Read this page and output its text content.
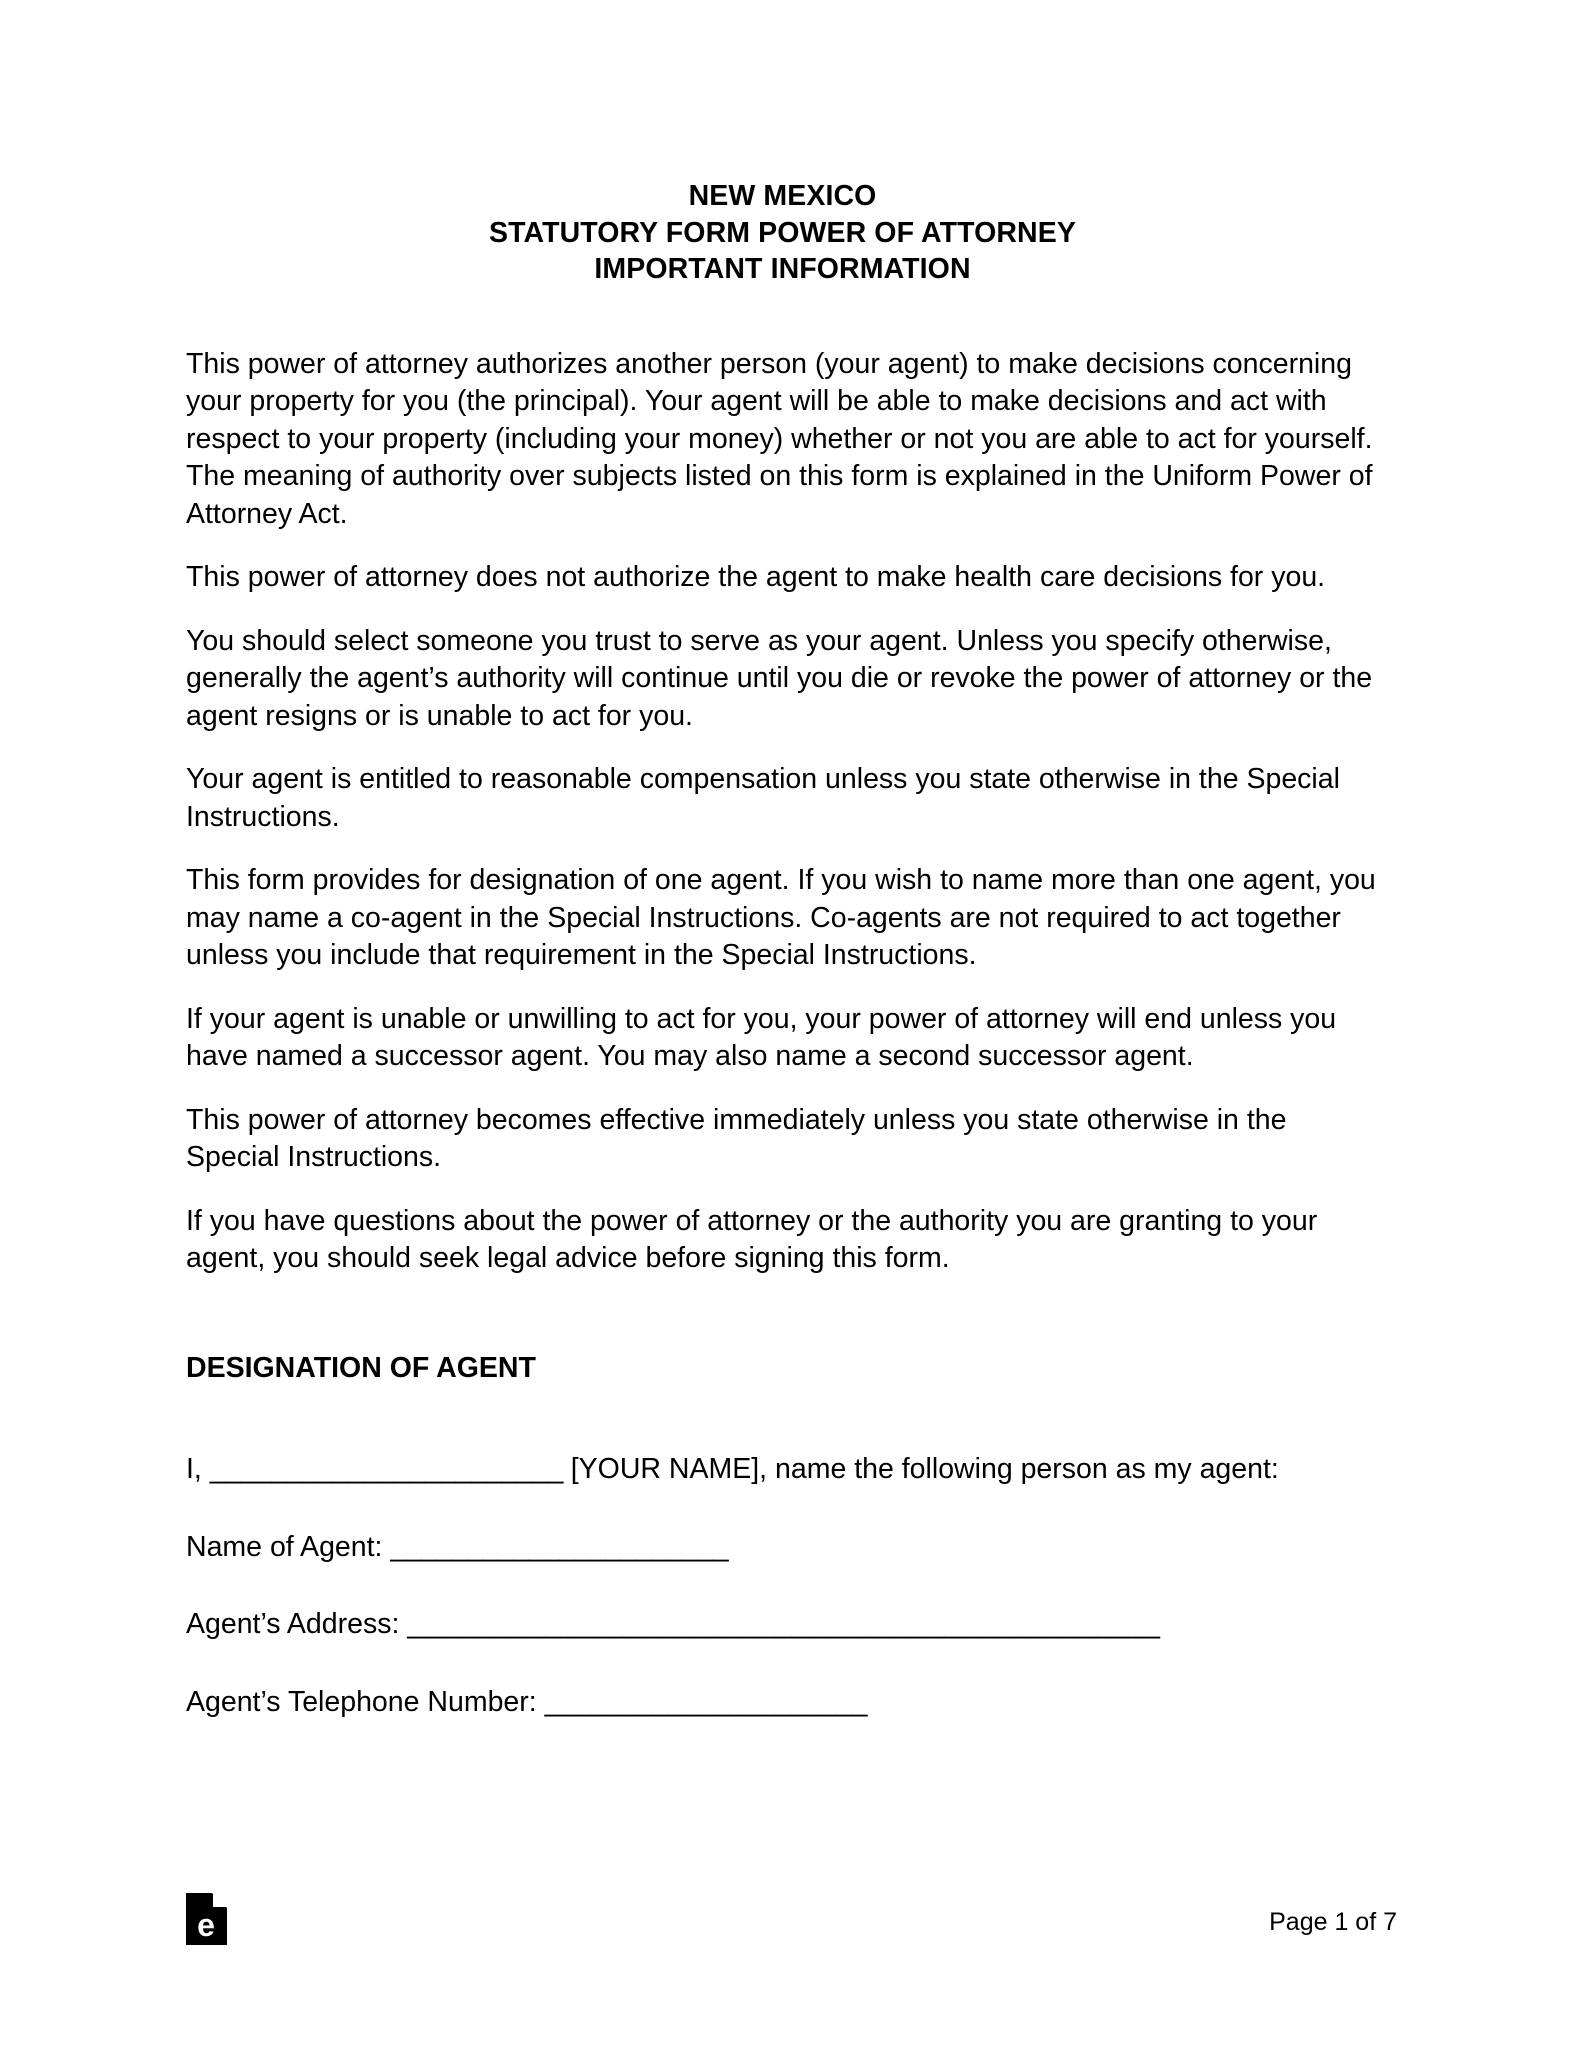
NEW MEXICO
STATUTORY FORM POWER OF ATTORNEY
IMPORTANT INFORMATION

This power of attorney authorizes another person (your agent) to make decisions concerning your property for you (the principal). Your agent will be able to make decisions and act with respect to your property (including your money) whether or not you are able to act for yourself. The meaning of authority over subjects listed on this form is explained in the Uniform Power of Attorney Act.

This power of attorney does not authorize the agent to make health care decisions for you.

You should select someone you trust to serve as your agent. Unless you specify otherwise, generally the agent’s authority will continue until you die or revoke the power of attorney or the agent resigns or is unable to act for you.

Your agent is entitled to reasonable compensation unless you state otherwise in the Special Instructions.

This form provides for designation of one agent. If you wish to name more than one agent, you may name a co-agent in the Special Instructions. Co-agents are not required to act together unless you include that requirement in the Special Instructions.

If your agent is unable or unwilling to act for you, your power of attorney will end unless you have named a successor agent. You may also name a second successor agent.

This power of attorney becomes effective immediately unless you state otherwise in the Special Instructions.

If you have questions about the power of attorney or the authority you are granting to your agent, you should seek legal advice before signing this form.

DESIGNATION OF AGENT
I, _______________________ [YOUR NAME], name the following person as my agent:
Name of Agent: ______________________
Agent’s Address: _________________________________________________
Agent’s Telephone Number: _____________________
e	Page 1 of 7
